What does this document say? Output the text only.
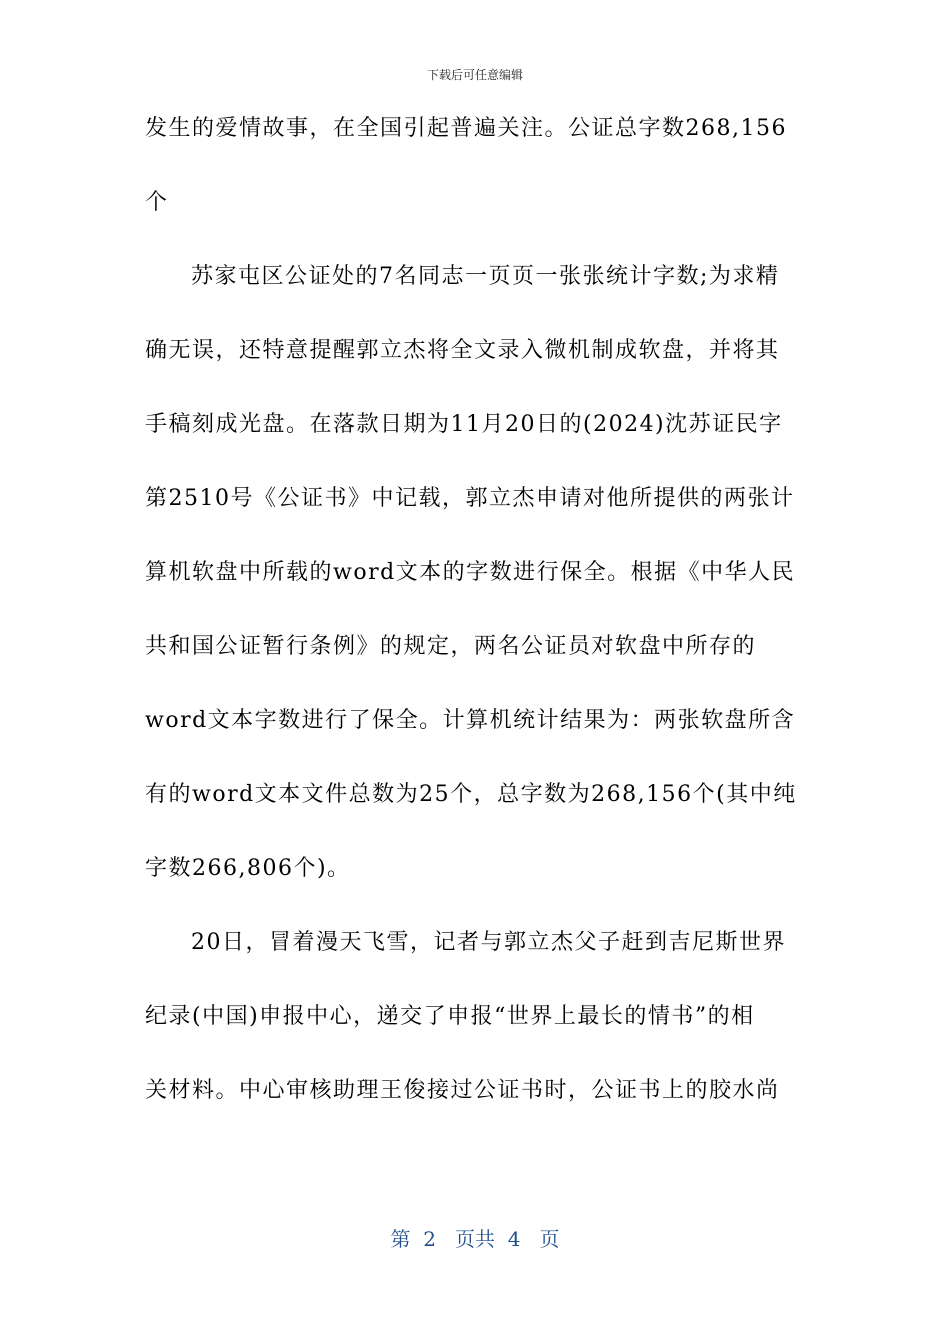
下载后可任意编辑
发生的爱情故事，在全国引起普遍关注。公证总字数268,156
个
苏家屯区公证处的7名同志一页页一张张统计字数;为求精
确无误，还特意提醒郭立杰将全文录入微机制成软盘，并将其
手稿刻成光盘。在落款日期为11月20日的(2024)沈苏证民字
第2510号《公证书》中记载，郭立杰申请对他所提供的两张计
算机软盘中所载的word文本的字数进行保全。根据《中华人民
共和国公证暂行条例》的规定，两名公证员对软盘中所存的
word文本字数进行了保全。计算机统计结果为：两张软盘所含
有的word文本文件总数为25个，总字数为268,156个(其中纯
字数266,806个)。
20日，冒着漫天飞雪，记者与郭立杰父子赶到吉尼斯世界
纪录(中国)申报中心，递交了申报“世界上最长的情书”的相
关材料。中心审核助理王俊接过公证书时，公证书上的胶水尚
第 2 页共 4 页
